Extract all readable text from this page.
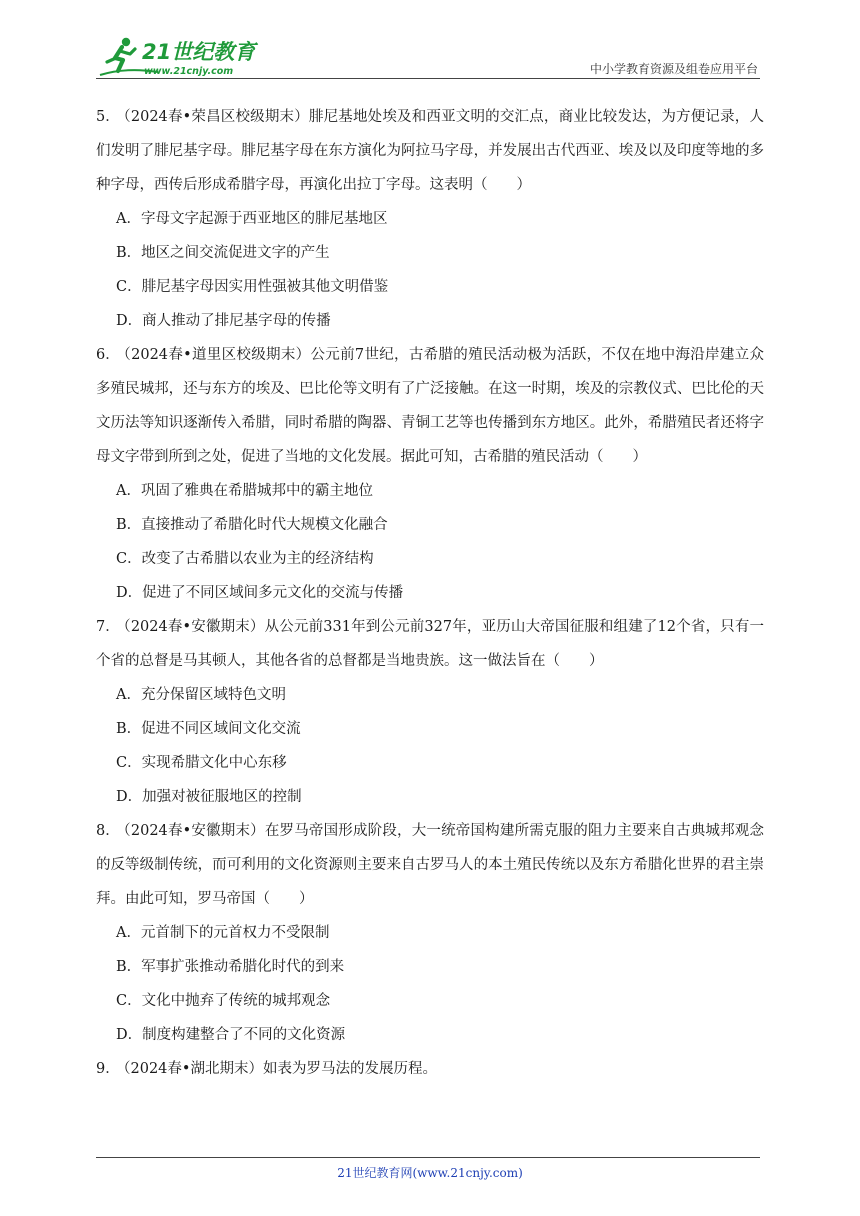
21世纪教育
www.21cnjy.com	中小学教育资源及组卷应用平台
5．（2024春•荣昌区校级期末）腓尼基地处埃及和西亚文明的交汇点，商业比较发达，为方便记录，人们发明了腓尼基字母。腓尼基字母在东方演化为阿拉马字母，并发展出古代西亚、埃及以及印度等地的多种字母，西传后形成希腊字母，再演化出拉丁字母。这表明（　　）
A．字母文字起源于西亚地区的腓尼基地区
B．地区之间交流促进文字的产生
C．腓尼基字母因实用性强被其他文明借鉴
D．商人推动了排尼基字母的传播
6．（2024春•道里区校级期末）公元前7世纪，古希腊的殖民活动极为活跃，不仅在地中海沿岸建立众多殖民城邦，还与东方的埃及、巴比伦等文明有了广泛接触。在这一时期，埃及的宗教仪式、巴比伦的天文历法等知识逐渐传入希腊，同时希腊的陶器、青铜工艺等也传播到东方地区。此外，希腊殖民者还将字母文字带到所到之处，促进了当地的文化发展。据此可知，古希腊的殖民活动（　　）
A．巩固了雅典在希腊城邦中的霸主地位
B．直接推动了希腊化时代大规模文化融合
C．改变了古希腊以农业为主的经济结构
D．促进了不同区域间多元文化的交流与传播
7．（2024春•安徽期末）从公元前331年到公元前327年，亚历山大帝国征服和组建了12个省，只有一个省的总督是马其顿人，其他各省的总督都是当地贵族。这一做法旨在（　　）
A．充分保留区域特色文明
B．促进不同区域间文化交流
C．实现希腊文化中心东移
D．加强对被征服地区的控制
8．（2024春•安徽期末）在罗马帝国形成阶段，大一统帝国构建所需克服的阻力主要来自古典城邦观念的反等级制传统，而可利用的文化资源则主要来自古罗马人的本土殖民传统以及东方希腊化世界的君主崇拜。由此可知，罗马帝国（　　）
A．元首制下的元首权力不受限制
B．军事扩张推动希腊化时代的到来
C．文化中抛弃了传统的城邦观念
D．制度构建整合了不同的文化资源
9．（2024春•湖北期末）如表为罗马法的发展历程。
21世纪教育网(www.21cnjy.com)
